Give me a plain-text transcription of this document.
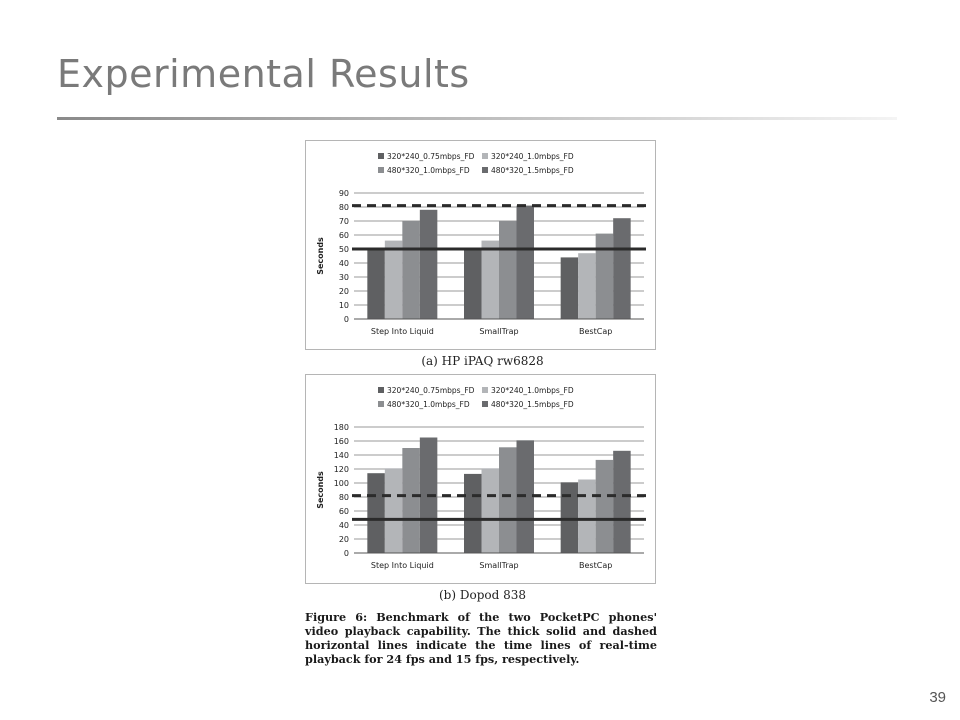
Experimental Results
320*240_0.75mbps_FD 320*240_1.0mbps_FD
480*320_1.0mbps_FD	480*320_1.5mbps_FD
0
10
20
30
40
50
60
70
80
90
Seconds
Step Into Liquid	SmallTrap	BestCap
(a) HP iPAQ rw6828
320*240_0.75mbps_FD 320*240_1.0mbps_FD
480*320_1.0mbps_FD	480*320_1.5mbps_FD
0
20
40
60
80
100
120
140
160
180
Seconds
Step Into Liquid	SmallTrap	BestCap
(b) Dopod 838
Figure 6: Benchmark of the two PocketPC phones' video playback capability. The thick solid and dashed horizontal lines indicate the time lines of real-time playback for 24 fps and 15 fps, respectively.
39
